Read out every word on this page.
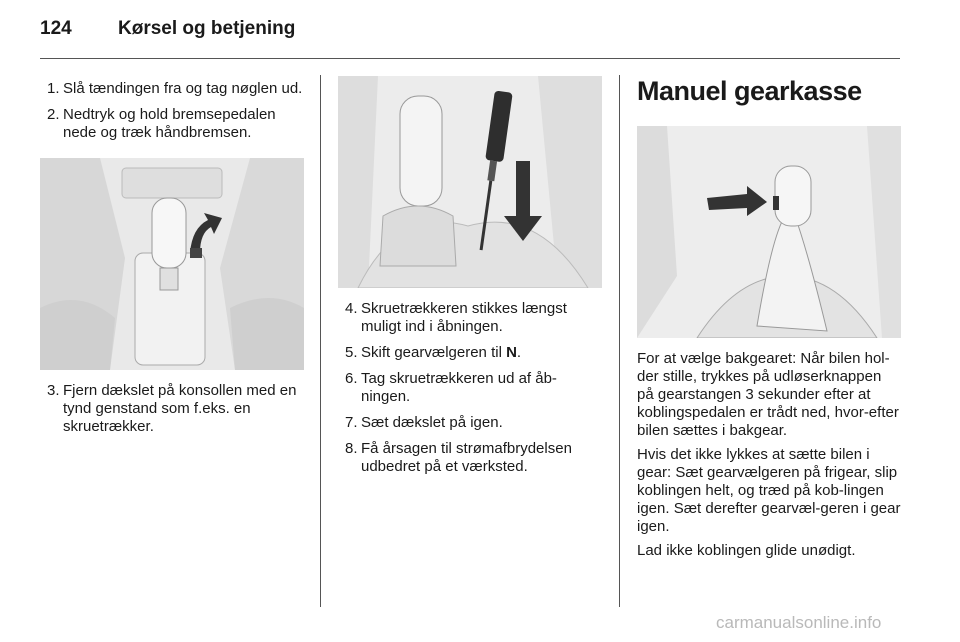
124 Kørsel og betjening
1. Slå tændingen fra og tag nøglen ud.
2. Nedtryk og hold bremsepedalen nede og træk håndbremsen.
3. Fjern dækslet på konsollen med en tynd genstand som f.eks. en skruetrækker.
4. Skruetrækkeren stikkes længst muligt ind i åbningen.
5. Skift gearvælgeren til N.
6. Tag skruetrækkeren ud af åb-ningen.
7. Sæt dækslet på igen.
8. Få årsagen til strømafbrydelsen udbedret på et værksted.
Manuel gearkasse

For at vælge bakgearet: Når bilen hol-der stille, trykkes på udløserknappen på gearstangen 3 sekunder efter at koblingspedalen er trådt ned, hvor-efter bilen sættes i bakgear.

Hvis det ikke lykkes at sætte bilen i gear: Sæt gearvælgeren på frigear, slip koblingen helt, og træd på kob-lingen igen. Sæt derefter gearvæl-geren i gear igen.

Lad ikke koblingen glide unødigt.

carmanualsonline.info
